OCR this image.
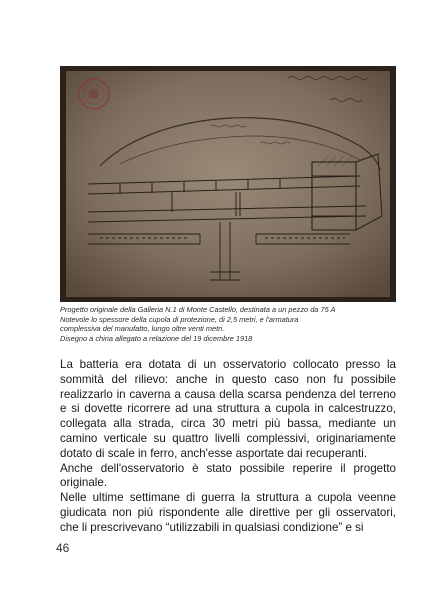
Progetto originale della Galleria N.1 di Monte Castello, destinata a un pezzo da 75 A
Notevole lo spessore della cupola di protezione, di 2,5 metri, e l'armatura
complessiva del manufatto, lungo oltre venti metri.
Disegno a china allegato a relazione del 19 dicembre 1918

La batteria era dotata di un osservatorio collocato presso la sommità del rilievo: anche in questo caso non fu possibile realizzarlo in caverna a causa della scarsa pendenza del terreno e si dovette ricorrere ad una struttura a cupola in calcestruzzo, collegata alla strada, circa 30 metri più bassa, mediante un camino verticale su quattro livelli complessivi, originariamente dotato di scale in ferro, anch'esse asportate dai recuperanti.

Anche dell'osservatorio è stato possibile reperire il progetto originale.

Nelle ultime settimane di guerra la struttura a cupola veenne giudicata non più rispondente alle direttive per gli osservatori, che li prescrivevano “utilizzabili in qualsiasi condizione” e si

46
